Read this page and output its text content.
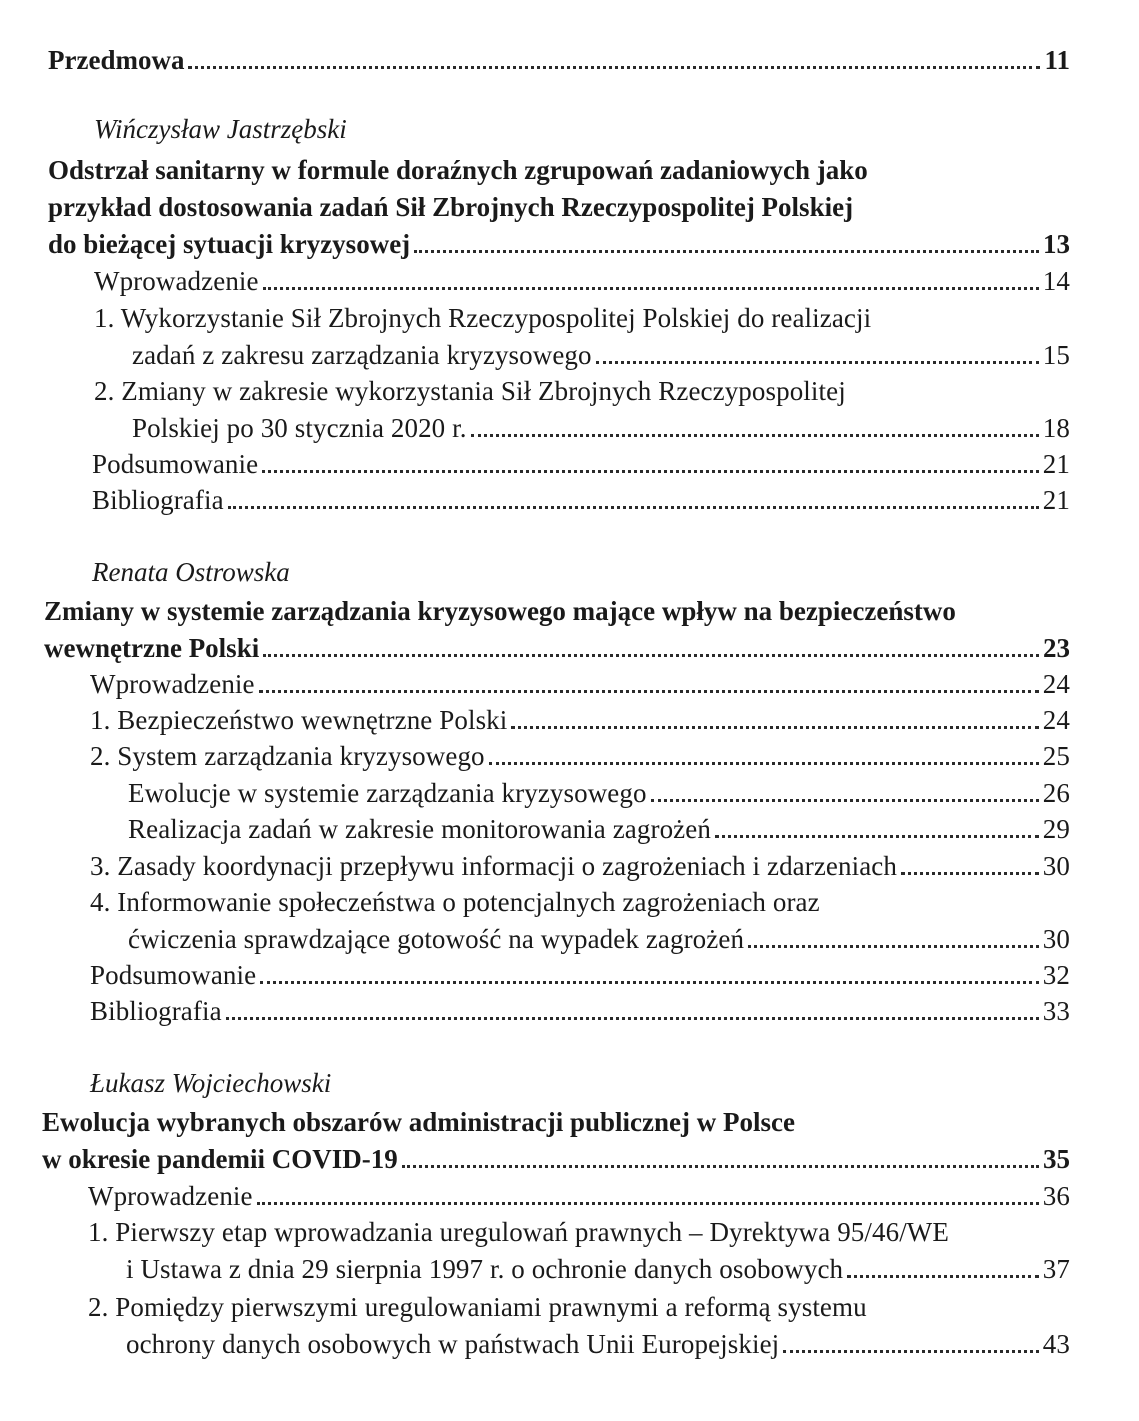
Przedmowa	11
Wińczysław Jastrzębski
Odstrzał sanitarny w formule doraźnych zgrupowań zadaniowych jako
przykład dostosowania zadań Sił Zbrojnych Rzeczypospolitej Polskiej
do bieżącej sytuacji kryzysowej	13
Wprowadzenie	14
1. Wykorzystanie Sił Zbrojnych Rzeczypospolitej Polskiej do realizacji
zadań z zakresu zarządzania kryzysowego	15
2. Zmiany w zakresie wykorzystania Sił Zbrojnych Rzeczypospolitej
Polskiej po 30 stycznia 2020 r.	18
Podsumowanie	21
Bibliografia	21
Renata Ostrowska
Zmiany w systemie zarządzania kryzysowego mające wpływ na bezpieczeństwo
wewnętrzne Polski	23
Wprowadzenie	24
1. Bezpieczeństwo wewnętrzne Polski	24
2. System zarządzania kryzysowego	25
Ewolucje w systemie zarządzania kryzysowego	26
Realizacja zadań w zakresie monitorowania zagrożeń	29
3. Zasady koordynacji przepływu informacji o zagrożeniach i zdarzeniach	30
4. Informowanie społeczeństwa o potencjalnych zagrożeniach oraz
ćwiczenia sprawdzające gotowość na wypadek zagrożeń	30
Podsumowanie	32
Bibliografia	33
Łukasz Wojciechowski
Ewolucja wybranych obszarów administracji publicznej w Polsce
w okresie pandemii COVID-19	35
Wprowadzenie	36
1. Pierwszy etap wprowadzania uregulowań prawnych – Dyrektywa 95/46/WE
i Ustawa z dnia 29 sierpnia 1997 r. o ochronie danych osobowych	37
2. Pomiędzy pierwszymi uregulowaniami prawnymi a reformą systemu
ochrony danych osobowych w państwach Unii Europejskiej	43
